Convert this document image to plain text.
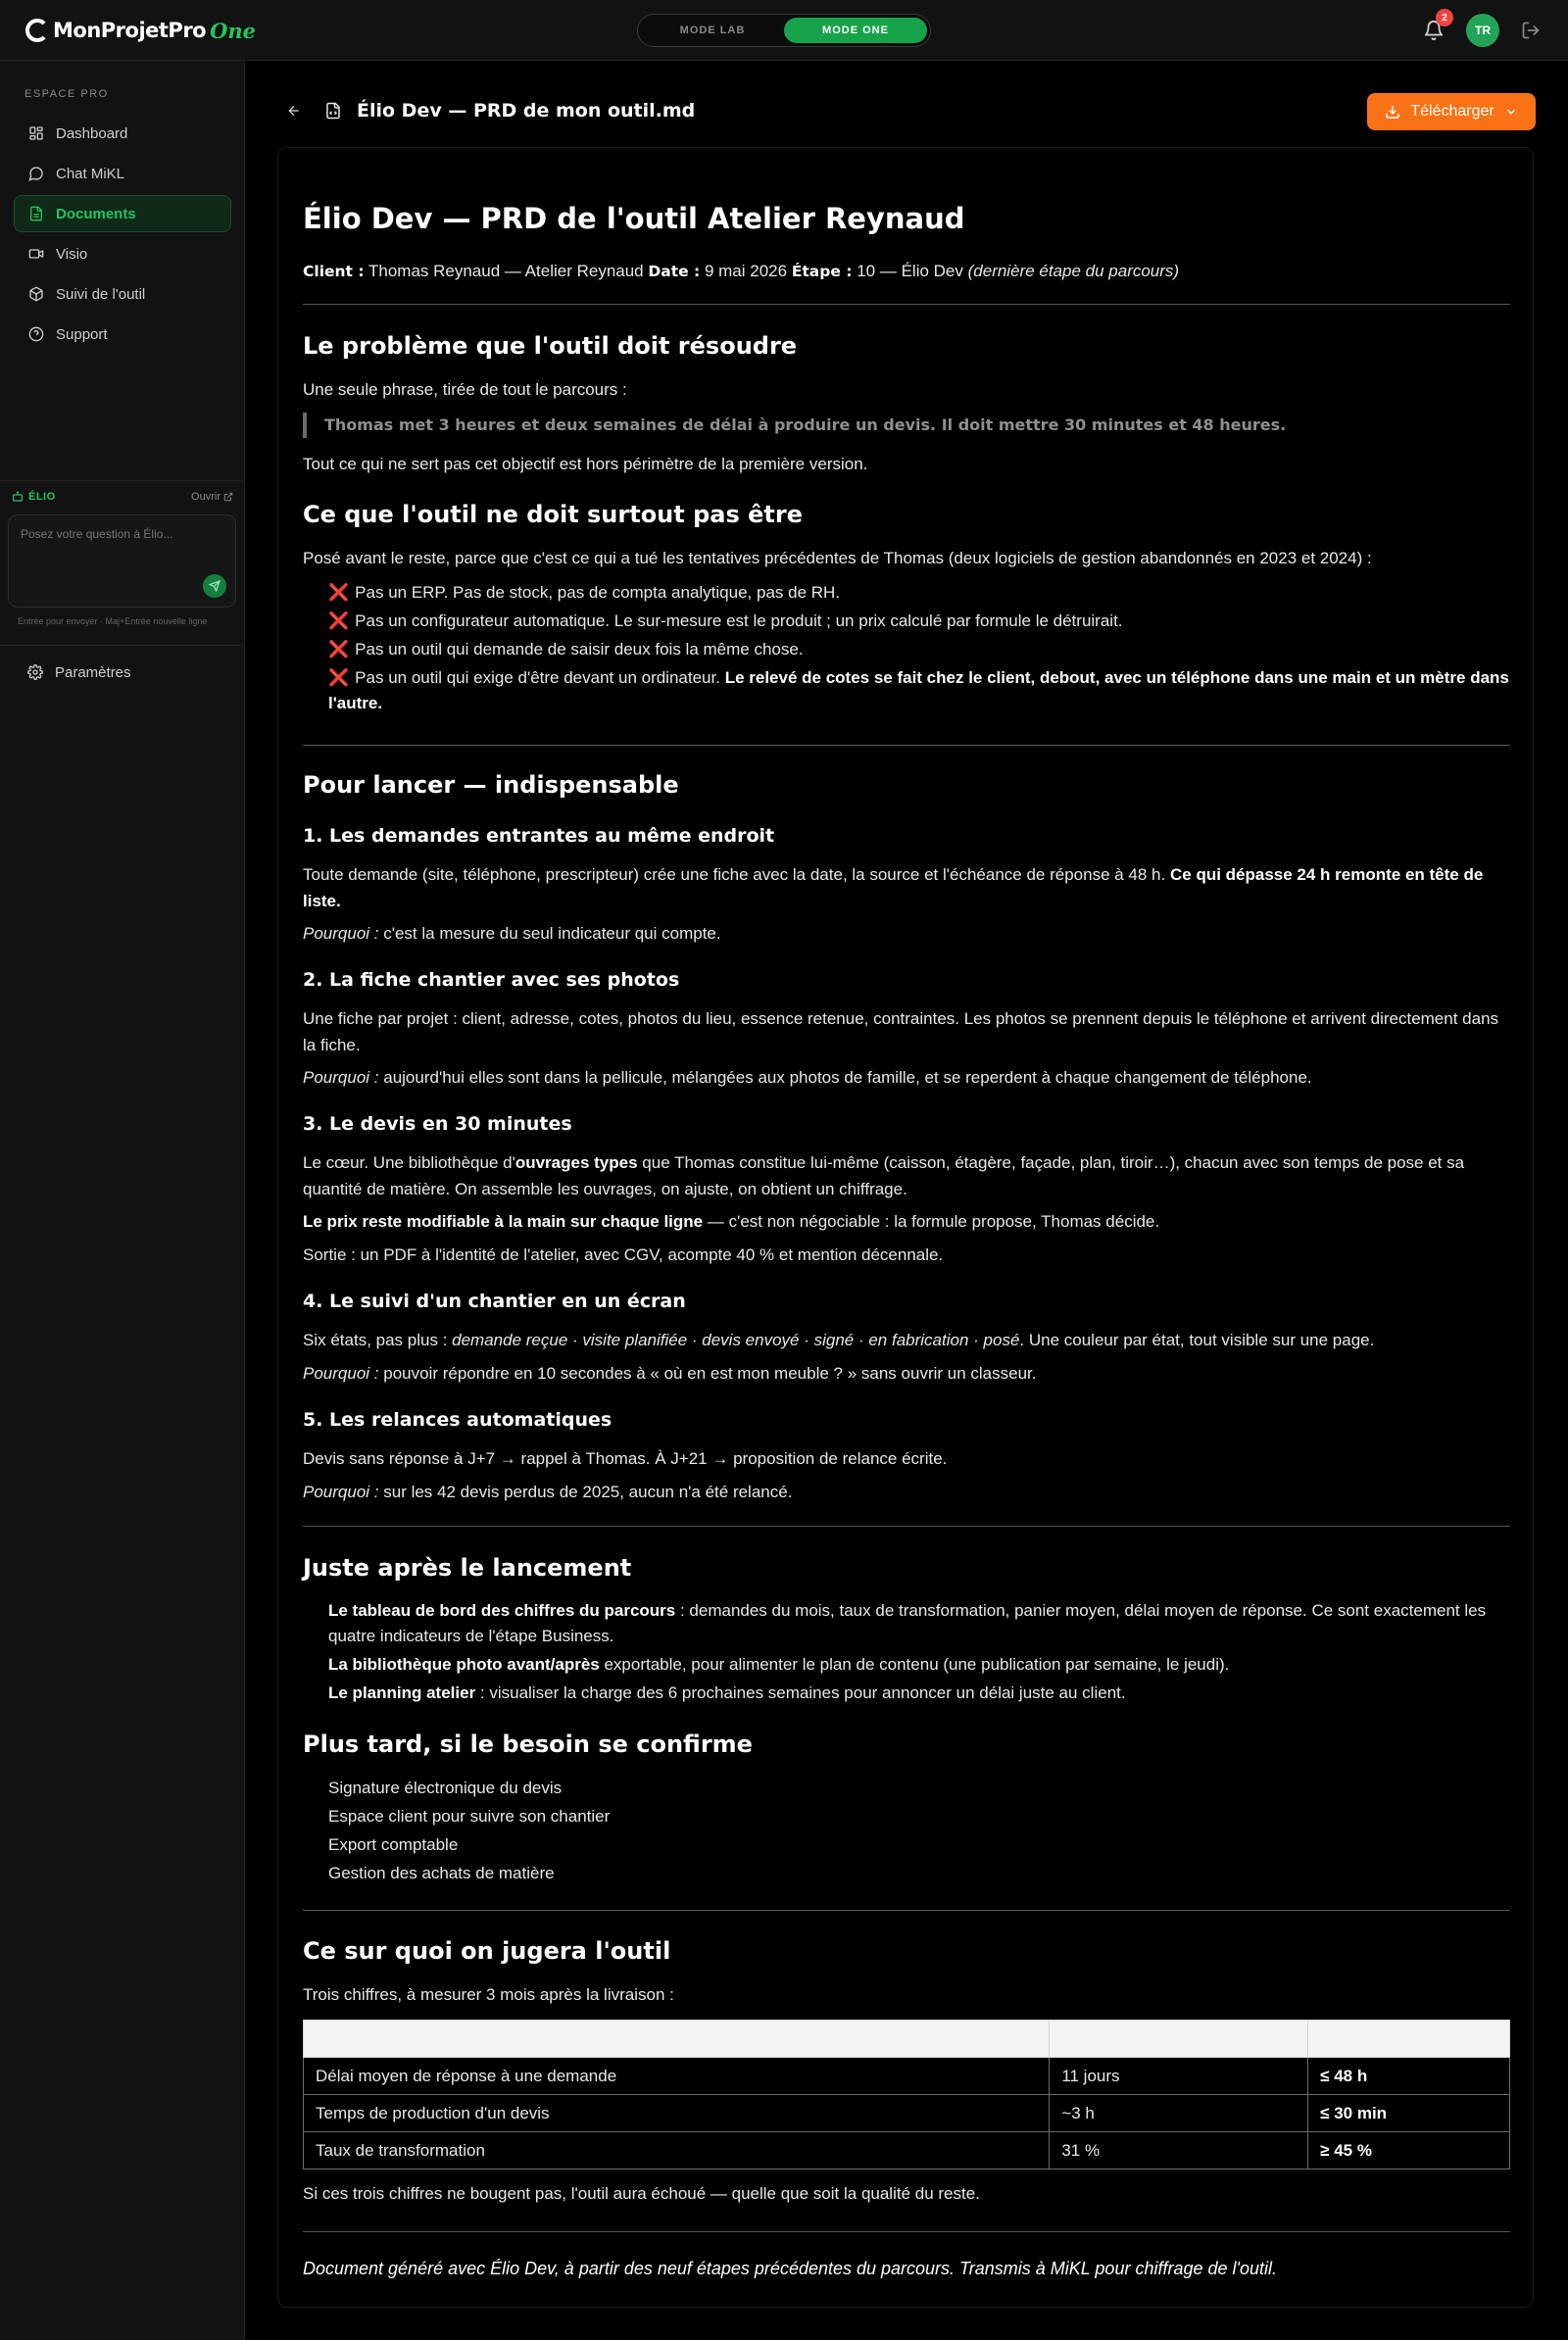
MonProjetPro One	MODE LAB	MODE ONE
2
TR
ESPACE PRO
Dashboard
Chat MiKL
Documents
Visio
Suivi de l'outil
Support
ÉLIO	Ouvrir
Posez votre question à Élio...
Entrée pour envoyer · Maj+Entrée nouvelle ligne
Paramètres
Élio Dev — PRD de mon outil.md	Télécharger
Élio Dev — PRD de l'outil Atelier Reynaud
Client : Thomas Reynaud — Atelier Reynaud Date : 9 mai 2026 Étape : 10 — Élio Dev (dernière étape du parcours)
Le problème que l'outil doit résoudre

Une seule phrase, tirée de tout le parcours :

Thomas met 3 heures et deux semaines de délai à produire un devis. Il doit mettre 30 minutes et 48 heures.

Tout ce qui ne sert pas cet objectif est hors périmètre de la première version.

Ce que l'outil ne doit surtout pas être

Posé avant le reste, parce que c'est ce qui a tué les tentatives précédentes de Thomas (deux logiciels de gestion abandonnés en 2023 et 2024) :

❌ Pas un ERP. Pas de stock, pas de compta analytique, pas de RH.
❌ Pas un configurateur automatique. Le sur-mesure est le produit ; un prix calculé par formule le détruirait.
❌ Pas un outil qui demande de saisir deux fois la même chose.
❌ Pas un outil qui exige d'être devant un ordinateur. Le relevé de cotes se fait chez le client, debout, avec un téléphone dans une main et un mètre dans l'autre.
Pour lancer — indispensable
1. Les demandes entrantes au même endroit

Toute demande (site, téléphone, prescripteur) crée une fiche avec la date, la source et l'échéance de réponse à 48 h. Ce qui dépasse 24 h remonte en tête de liste.

Pourquoi : c'est la mesure du seul indicateur qui compte.

2. La fiche chantier avec ses photos

Une fiche par projet : client, adresse, cotes, photos du lieu, essence retenue, contraintes. Les photos se prennent depuis le téléphone et arrivent directement dans la fiche.

Pourquoi : aujourd'hui elles sont dans la pellicule, mélangées aux photos de famille, et se reperdent à chaque changement de téléphone.

3. Le devis en 30 minutes

Le cœur. Une bibliothèque d'ouvrages types que Thomas constitue lui-même (caisson, étagère, façade, plan, tiroir…), chacun avec son temps de pose et sa quantité de matière. On assemble les ouvrages, on ajuste, on obtient un chiffrage.

Le prix reste modifiable à la main sur chaque ligne — c'est non négociable : la formule propose, Thomas décide.

Sortie : un PDF à l'identité de l'atelier, avec CGV, acompte 40 % et mention décennale.

4. Le suivi d'un chantier en un écran

Six états, pas plus : demande reçue · visite planifiée · devis envoyé · signé · en fabrication · posé. Une couleur par état, tout visible sur une page.

Pourquoi : pouvoir répondre en 10 secondes à « où en est mon meuble ? » sans ouvrir un classeur.

5. Les relances automatiques

Devis sans réponse à J+7 → rappel à Thomas. À J+21 → proposition de relance écrite.

Pourquoi : sur les 42 devis perdus de 2025, aucun n'a été relancé.

Juste après le lancement
Le tableau de bord des chiffres du parcours : demandes du mois, taux de transformation, panier moyen, délai moyen de réponse. Ce sont exactement les quatre indicateurs de l'étape Business.
La bibliothèque photo avant/après exportable, pour alimenter le plan de contenu (une publication par semaine, le jeudi).
Le planning atelier : visualiser la charge des 6 prochaines semaines pour annoncer un délai juste au client.
Plus tard, si le besoin se confirme
Signature électronique du devis
Espace client pour suivre son chantier
Export comptable
Gestion des achats de matière
Ce sur quoi on jugera l'outil

Trois chiffres, à mesurer 3 mois après la livraison :

Indicateur	Aujourd'hui	Cible
Délai moyen de réponse à une demande	11 jours	≤ 48 h
Temps de production d'un devis	~3 h	≤ 30 min
Taux de transformation	31 %	≥ 45 %

Si ces trois chiffres ne bougent pas, l'outil aura échoué — quelle que soit la qualité du reste.

Document généré avec Élio Dev, à partir des neuf étapes précédentes du parcours. Transmis à MiKL pour chiffrage de l'outil.
